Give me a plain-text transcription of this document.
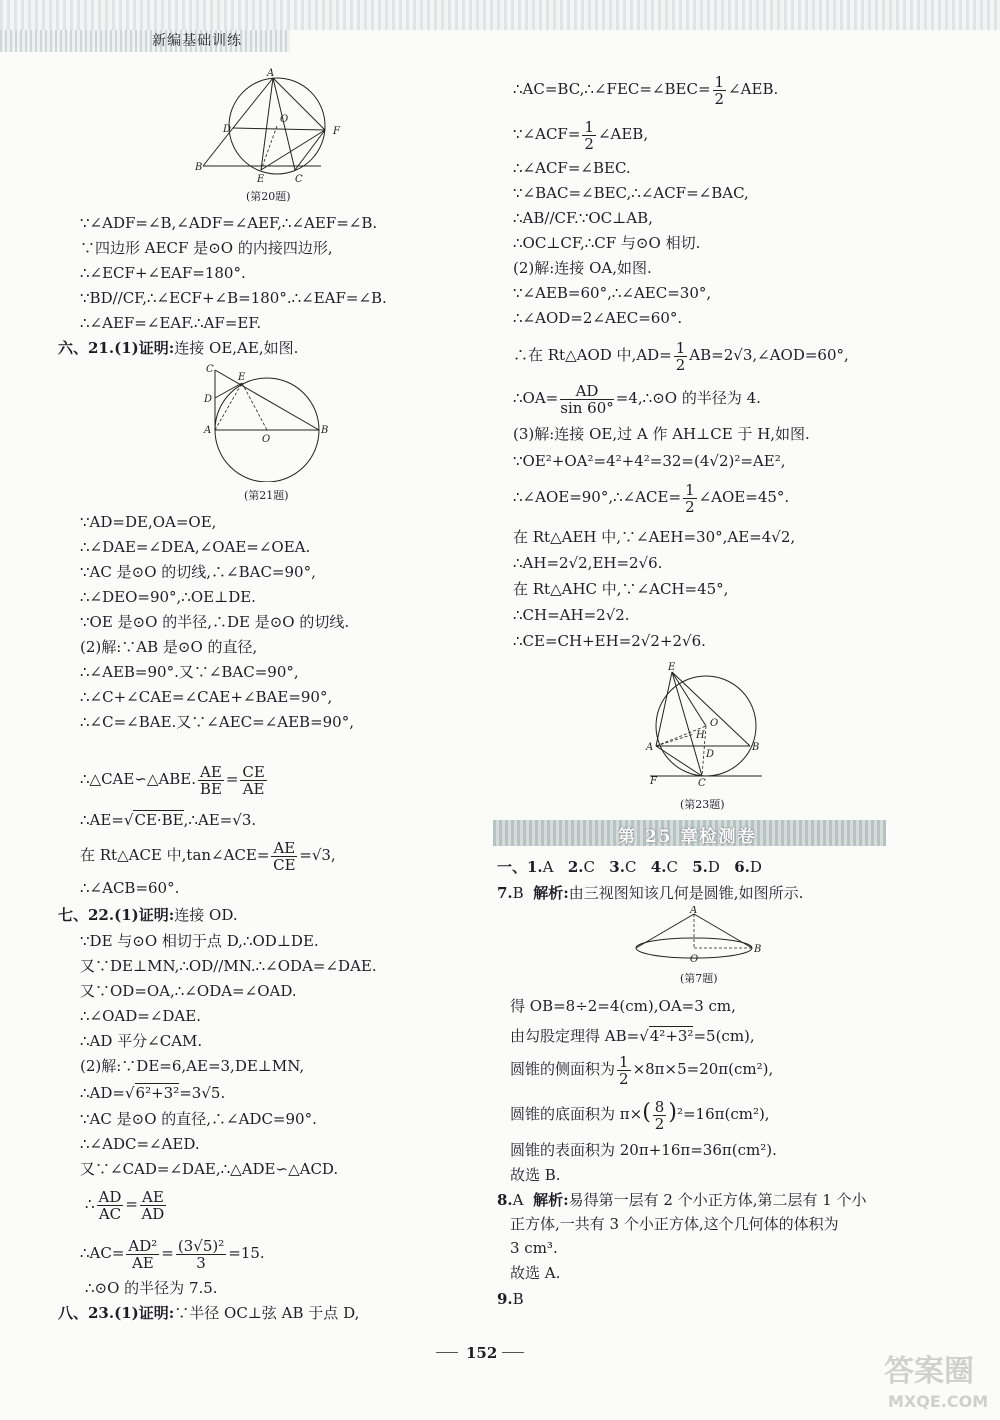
新编基础训练
A
O
D	F
B
E	C
(第20题)
∵∠ADF=∠B,∠ADF=∠AEF,∴∠AEF=∠B.
∵四边形 AECF 是⊙O 的内接四边形,
∴∠ECF+∠EAF=180°.
∵BD//CF,∴∠ECF+∠B=180°.∴∠EAF=∠B.
∴∠AEF=∠EAF.∴AF=EF.
六、21.(1)证明:连接 OE,AE,如图.
C
E
D
A
O
B
(第21题)
∵AD=DE,OA=OE,
∴∠DAE=∠DEA,∠OAE=∠OEA.
∵AC 是⊙O 的切线,∴∠BAC=90°,
∴∠DEO=90°,∴OE⊥DE.
∵OE 是⊙O 的半径,∴DE 是⊙O 的切线.
(2)解:∵AB 是⊙O 的直径,
∴∠AEB=90°.又∵∠BAC=90°,
∴∠C+∠CAE=∠CAE+∠BAE=90°,
∴∠C=∠BAE.又∵∠AEC=∠AEB=90°,
∴△CAE∽△ABE. $\frac{AE}{BE} = \frac{CE}{AE}$
∴AE=√CE·BE,∴AE=√3.
在 Rt△ACE 中,tan∠ACE= $\frac{AE}{CE} =√3$,
∴∠ACB=60°.
七、22.(1)证明:连接 OD.
∵DE 与⊙O 相切于点 D,∴OD⊥DE.
又∵DE⊥MN,∴OD//MN.∴∠ODA=∠DAE.
又∵OD=OA,∴∠ODA=∠OAD.
∴∠OAD=∠DAE.
∴AD 平分∠CAM.
(2)解:∵DE=6,AE=3,DE⊥MN,
∴AD=√6²+3²=3√5.
∵AC 是⊙O 的直径,∴∠ADC=90°.
∴∠ADC=∠AED.
又∵∠CAD=∠DAE,∴△ADE∽△ACD.
∴ $\frac{AD}{AC} = \frac{AE}{AD}$
∴AC= $\frac{\text{AD²}}{AE} = \frac{\text{(3√5)²}}{3} =15$.
∴⊙O 的半径为 7.5.
八、23.(1)证明:∵半径 OC⊥弦 AB 于点 D,
∴AC=BC,∴∠FEC=∠BEC= $\frac{1}{2}$ ∠AEB.
∵∠ACF= $\frac{1}{2}$ ∠AEB,
∴∠ACF=∠BEC.
∵∠BAC=∠BEC,∴∠ACF=∠BAC,
∴AB//CF.∵OC⊥AB,
∴OC⊥CF,∴CF 与⊙O 相切.
(2)解:连接 OA,如图.
∵∠AEB=60°,∴∠AEC=30°,
∴∠AOD=2∠AEC=60°.
∴在 Rt△AOD 中$,AD= \frac{1}{2}$ AB=2√3,∠AOD=60°,
∴OA= $\frac{AD}{\sin 60^\circ}$ =4,∴⊙O 的半径为 4.
(3)解:连接 OE,过 A 作 AH⊥CE 于 H,如图.
∵OE²+OA²=4²+4²=32=(4√2)²=AE²,
∴∠AOE=90°,∴∠ACE= $\frac{1}{2}$ ∠AOE=45°.
在 Rt△AEH 中,∵∠AEH=30°,AE=4√2,
∴AH=2√2,EH=2√6.
在 Rt△AHC 中,∵∠ACH=45°,
∴CH=AH=2√2.
∴CE=CH+EH=2√2+2√6.
E
O
H
A
D
B
F	C
(第23题)
第 25 章检测卷
一、1.A 2.C 3.C 4.C 5.D 6.D
7.B 解析:由三视图知该几何是圆锥,如图所示.
A
B
O
(第7题)
得 OB=8÷2=4(cm),OA=3 cm,
由勾股定理得 AB=√4²+3²=5(cm),
圆锥的侧面积为 $\frac{1}{2} \times 8\pi\times 5=20\pi(cm^2)$,
圆锥的底面积为 $\pi\times( \frac{8}{2} )^2=16\pi(cm^2)$,
圆锥的表面积为 20π+16π=36π(cm²).
故选 B.
8.A 解析:易得第一层有 2 个小正方体,第二层有 1 个小
正方体,一共有 3 个小正方体,这个几何体的体积为
3 cm³.
故选 A.
9.B
152
答案圈
MXQE.COM
